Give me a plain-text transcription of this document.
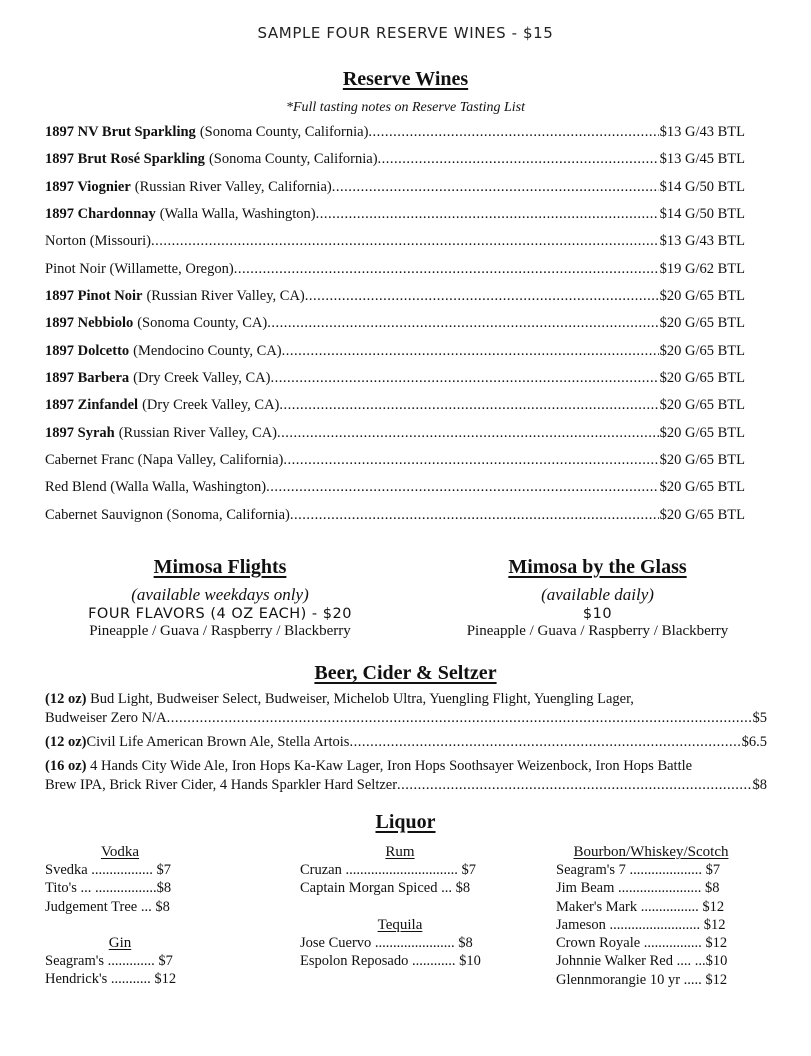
SAMPLE FOUR RESERVE WINES - $15
Reserve Wines
*Full tasting notes on Reserve Tasting List
1897 NV Brut Sparkling (Sonoma County, California) .....	$13 G/43 BTL
1897 Brut Rosé Sparkling (Sonoma County, California) .....	$13 G/45 BTL
1897 Viognier (Russian River Valley, California) .....	$14 G/50 BTL
1897 Chardonnay (Walla Walla, Washington) .....	$14 G/50 BTL
Norton (Missouri) .....	$13 G/43 BTL
Pinot Noir (Willamette, Oregon) .....	$19 G/62 BTL
1897 Pinot Noir (Russian River Valley, CA) .....	$20 G/65 BTL
1897 Nebbiolo (Sonoma County, CA) .....	$20 G/65 BTL
1897 Dolcetto (Mendocino County, CA) .....	$20 G/65 BTL
1897 Barbera (Dry Creek Valley, CA) .....	$20 G/65 BTL
1897 Zinfandel (Dry Creek Valley, CA) .....	$20 G/65 BTL
1897 Syrah (Russian River Valley, CA) .....	$20 G/65 BTL
Cabernet Franc (Napa Valley, California) .....	$20 G/65 BTL
Red Blend (Walla Walla, Washington) .....	$20 G/65 BTL
Cabernet Sauvignon (Sonoma, California) .....	$20 G/65 BTL
Mimosa Flights
(available weekdays only)
FOUR FLAVORS (4 OZ EACH) - $20
Pineapple / Guava / Raspberry / Blackberry
Mimosa by the Glass
(available daily)
$10
Pineapple / Guava / Raspberry / Blackberry
Beer, Cider & Seltzer
(12 oz) Bud Light, Budweiser Select, Budweiser, Michelob Ultra, Yuengling Flight, Yuengling Lager,
Budweiser Zero N/A .....	$5
(12 oz) Civil Life American Brown Ale, Stella Artois .....	$6.5
(16 oz) 4 Hands City Wide Ale, Iron Hops Ka-Kaw Lager, Iron Hops Soothsayer Weizenbock, Iron Hops Battle
Brew IPA, Brick River Cider, 4 Hands Sparkler Hard Seltzer .....	$8
Liquor
Vodka
Svedka ................. $7
Tito's ... .................$8
Judgement Tree ... $8
Gin
Seagram's ............. $7
Hendrick's ........... $12
Rum
Cruzan ............................... $7
Captain Morgan Spiced ... $8
Tequila
Jose Cuervo ...................... $8
Espolon Reposado ............ $10
Bourbon/Whiskey/Scotch
Seagram's 7 .................... $7
Jim Beam ....................... $8
Maker's Mark ................ $12
Jameson ......................... $12
Crown Royale ................ $12
Johnnie Walker Red .... ...$10
Glennmorangie 10 yr ..... $12
